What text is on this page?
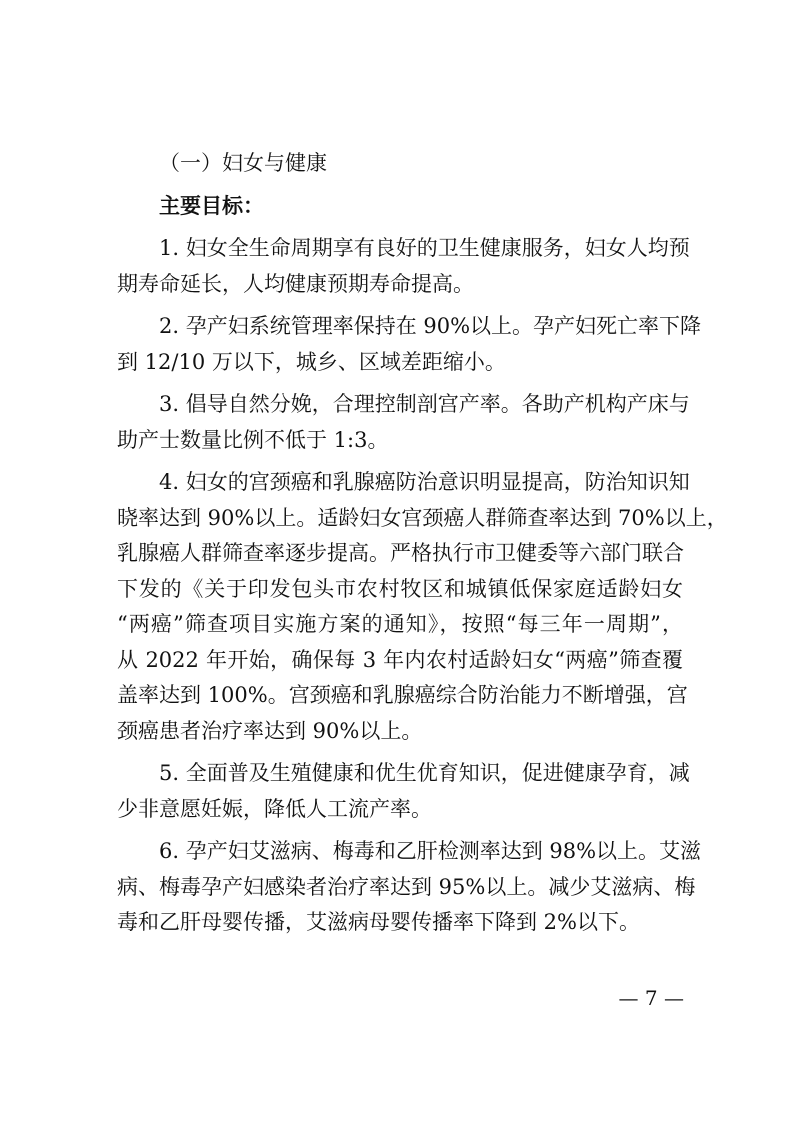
（一）妇女与健康
主要目标：
1. 妇女全生命周期享有良好的卫生健康服务，妇女人均预
期寿命延长，人均健康预期寿命提高。
2. 孕产妇系统管理率保持在 90%以上。孕产妇死亡率下降
到 12/10 万以下，城乡、区域差距缩小。
3. 倡导自然分娩，合理控制剖宫产率。各助产机构产床与
助产士数量比例不低于 1:3。
4. 妇女的宫颈癌和乳腺癌防治意识明显提高，防治知识知
晓率达到 90%以上。适龄妇女宫颈癌人群筛查率达到 70%以上，
乳腺癌人群筛查率逐步提高。严格执行市卫健委等六部门联合
下发的《关于印发包头市农村牧区和城镇低保家庭适龄妇女
“两癌”筛查项目实施方案的通知》，按照“每三年一周期”，
从 2022 年开始，确保每 3 年内农村适龄妇女“两癌”筛查覆
盖率达到 100%。宫颈癌和乳腺癌综合防治能力不断增强，宫
颈癌患者治疗率达到 90%以上。
5. 全面普及生殖健康和优生优育知识，促进健康孕育，减
少非意愿妊娠，降低人工流产率。
6. 孕产妇艾滋病、梅毒和乙肝检测率达到 98%以上。艾滋
病、梅毒孕产妇感染者治疗率达到 95%以上。减少艾滋病、梅
毒和乙肝母婴传播，艾滋病母婴传播率下降到 2%以下。
— 7 —
